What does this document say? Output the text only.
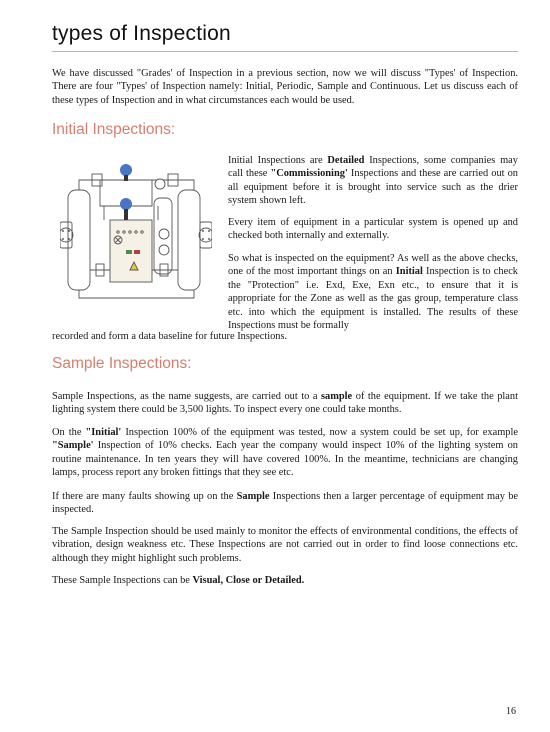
types of Inspection

We have discussed "Grades' of Inspection in a previous section, now we will discuss "Types' of Inspection. There are four "Types' of Inspection namely: Initial, Periodic, Sample and Continuous. Let us discuss each of these types of Inspection and in what circumstances each would be used.

Initial Inspections:

Initial Inspections are Detailed Inspections, some companies may call these "Commissioning' Inspections and these are carried out on all equipment before it is brought into service such as the drier system shown left.

Every item of equipment in a particular system is opened up and checked both internally and externally.

So what is inspected on the equipment? As well as the above checks, one of the most important things on an Initial Inspection is to check the "Protection" i.e. Exd, Exe, Exn etc., to ensure that it is appropriate for the Zone as well as the gas group, temperature class etc. into which the equipment is installed. The results of these Inspections must be formally

recorded and form a data baseline for future Inspections.

Sample Inspections:

Sample Inspections, as the name suggests, are carried out to a sample of the equipment. If we take the plant lighting system there could be 3,500 lights. To inspect every one could take months.

On the "Initial' Inspection 100% of the equipment was tested, now a system could be set up, for example "Sample' Inspection of 10% checks. Each year the company would inspect 10% of the lighting system on routine maintenance. In ten years they will have covered 100%. In the meantime, technicians are changing lamps, process report any broken fittings that they see etc.

If there are many faults showing up on the Sample Inspections then a larger percentage of equipment may be inspected.

The Sample Inspection should be used mainly to monitor the effects of environmental conditions, the effects of vibration, design weakness etc. These Inspections are not carried out in order to find loose connections etc. although they might highlight such problems.

These Sample Inspections can be Visual, Close or Detailed.

16
